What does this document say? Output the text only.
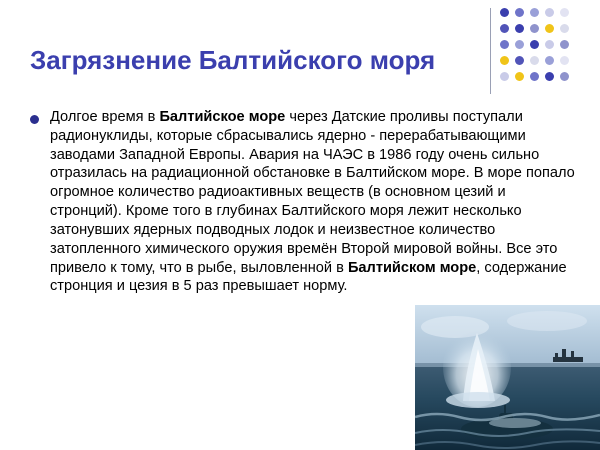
Загрязнение Балтийского моря
Долгое время в Балтийское море через Датские проливы поступали радионуклиды, которые сбрасывались ядерно - перерабатывающими заводами Западной Европы. Авария на ЧАЭС в 1986 году очень сильно отразилась на радиационной обстановке в Балтийском море. В море попало огромное количество радиоактивных веществ (в основном цезий и стронций). Кроме того в глубинах Балтийского моря лежит несколько затонувших ядерных подводных лодок и неизвестное количество затопленного химического оружия времён Второй мировой войны. Все это привело к тому, что в рыбе, выловленной в Балтийском море, содержание стронция и цезия в 5 раз превышает норму.
